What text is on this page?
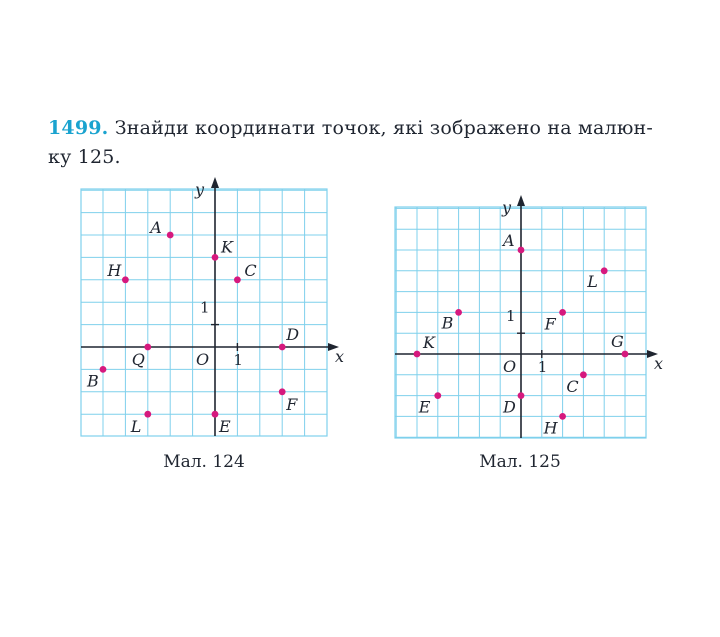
1499. Знайди координати точок, які зображено на малюн-
ку 125.
x
y
O 1
1
A
K
H	C
D
Q
B
F
L	E
x
y
O 1
1
A
L
B	F
K	G
C
E	D
H
Мал. 124	Мал. 125
